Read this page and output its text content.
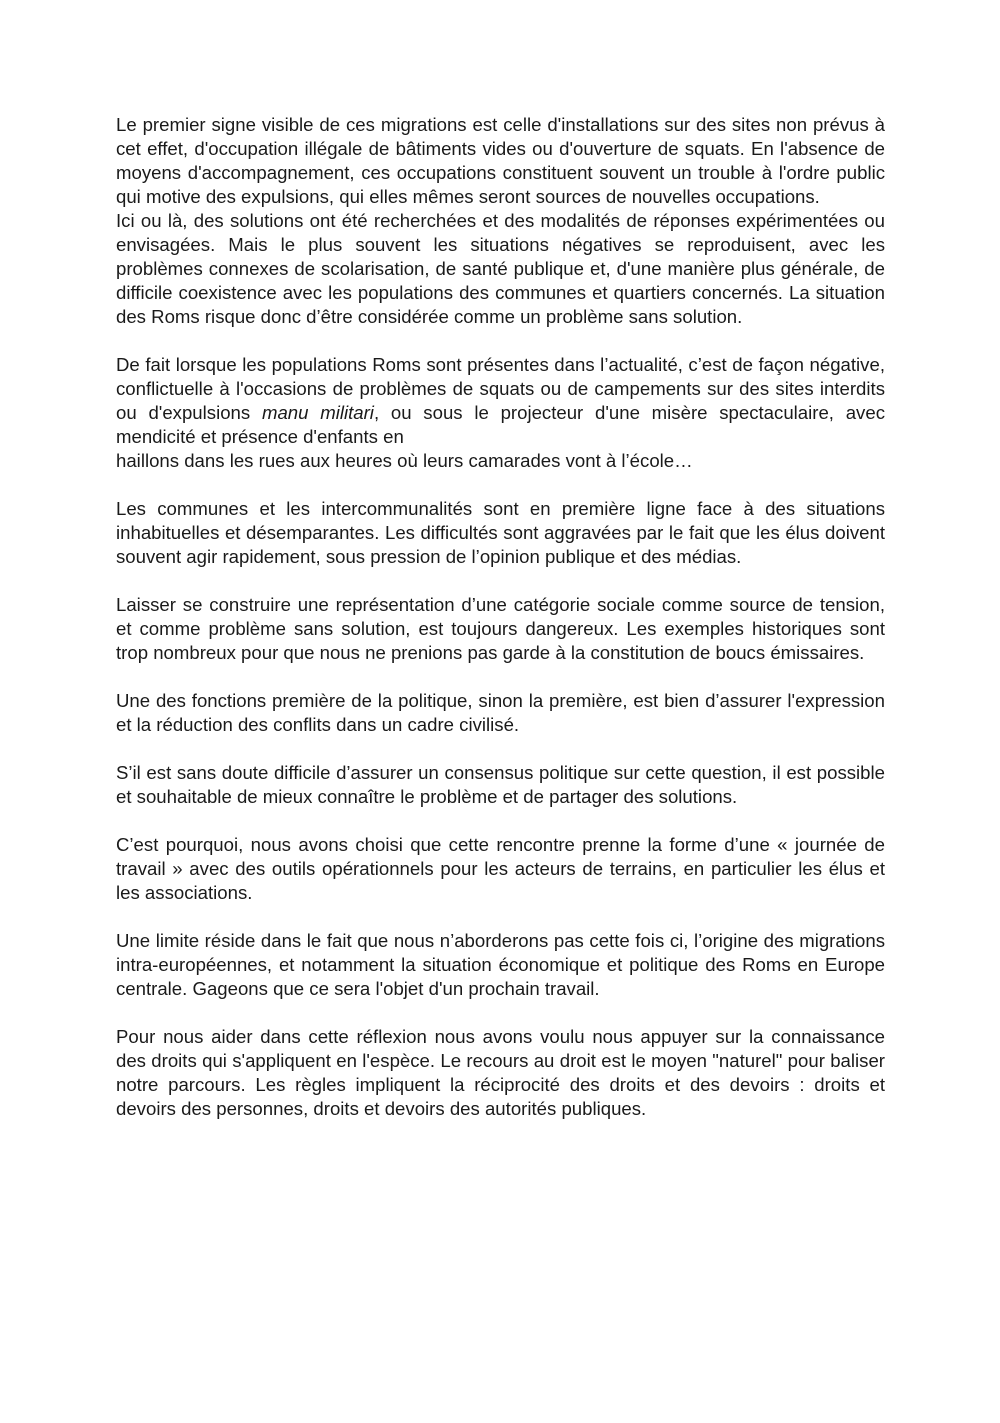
Le premier signe visible de ces migrations est celle d'installations sur des sites non prévus à cet effet, d'occupation illégale de bâtiments vides ou d'ouverture de squats. En l'absence de moyens d'accompagnement, ces occupations constituent souvent un trouble à l'ordre public qui motive des expulsions, qui elles mêmes seront sources de nouvelles occupations.

Ici ou là, des solutions ont été recherchées et des modalités de réponses expérimentées ou envisagées. Mais le plus souvent les situations négatives se reproduisent, avec les problèmes connexes de scolarisation, de santé publique et, d'une manière plus générale, de difficile coexistence avec les populations des communes et quartiers concernés. La situation des Roms risque donc d’être considérée comme un problème sans solution.

De fait lorsque les populations Roms sont présentes dans l’actualité, c’est de façon négative, conflictuelle à l'occasions de problèmes de squats ou de campements sur des sites interdits ou d'expulsions manu militari, ou sous le projecteur d'une misère spectaculaire, avec mendicité et présence d'enfants en
haillons dans les rues aux heures où leurs camarades vont à l’école…

Les communes et les intercommunalités sont en première ligne face à des situations inhabituelles et désemparantes. Les difficultés sont aggravées par le fait que les élus doivent souvent agir rapidement, sous pression de l’opinion publique et des médias.

Laisser se construire une représentation d’une catégorie sociale comme source de tension, et comme problème sans solution, est toujours dangereux. Les exemples historiques sont trop nombreux pour que nous ne prenions pas garde à la constitution de boucs émissaires.

Une des fonctions première de la politique, sinon la première, est bien d’assurer l'expression et la réduction des conflits dans un cadre civilisé.

S’il est sans doute difficile d’assurer un consensus politique sur cette question, il est possible et souhaitable de mieux connaître le problème et de partager des solutions.

C’est pourquoi, nous avons choisi que cette rencontre prenne la forme d’une « journée de travail » avec des outils opérationnels pour les acteurs de terrains, en particulier les élus et les associations.

Une limite réside dans le fait que nous n’aborderons pas cette fois ci, l’origine des migrations intra-européennes, et notamment la situation économique et politique des Roms en Europe centrale. Gageons que ce sera l'objet d'un prochain travail.

Pour nous aider dans cette réflexion nous avons voulu nous appuyer sur la connaissance des droits qui s'appliquent en l'espèce. Le recours au droit est le moyen "naturel" pour baliser notre parcours. Les règles impliquent la réciprocité des droits et des devoirs : droits et devoirs des personnes, droits et devoirs des autorités publiques.
